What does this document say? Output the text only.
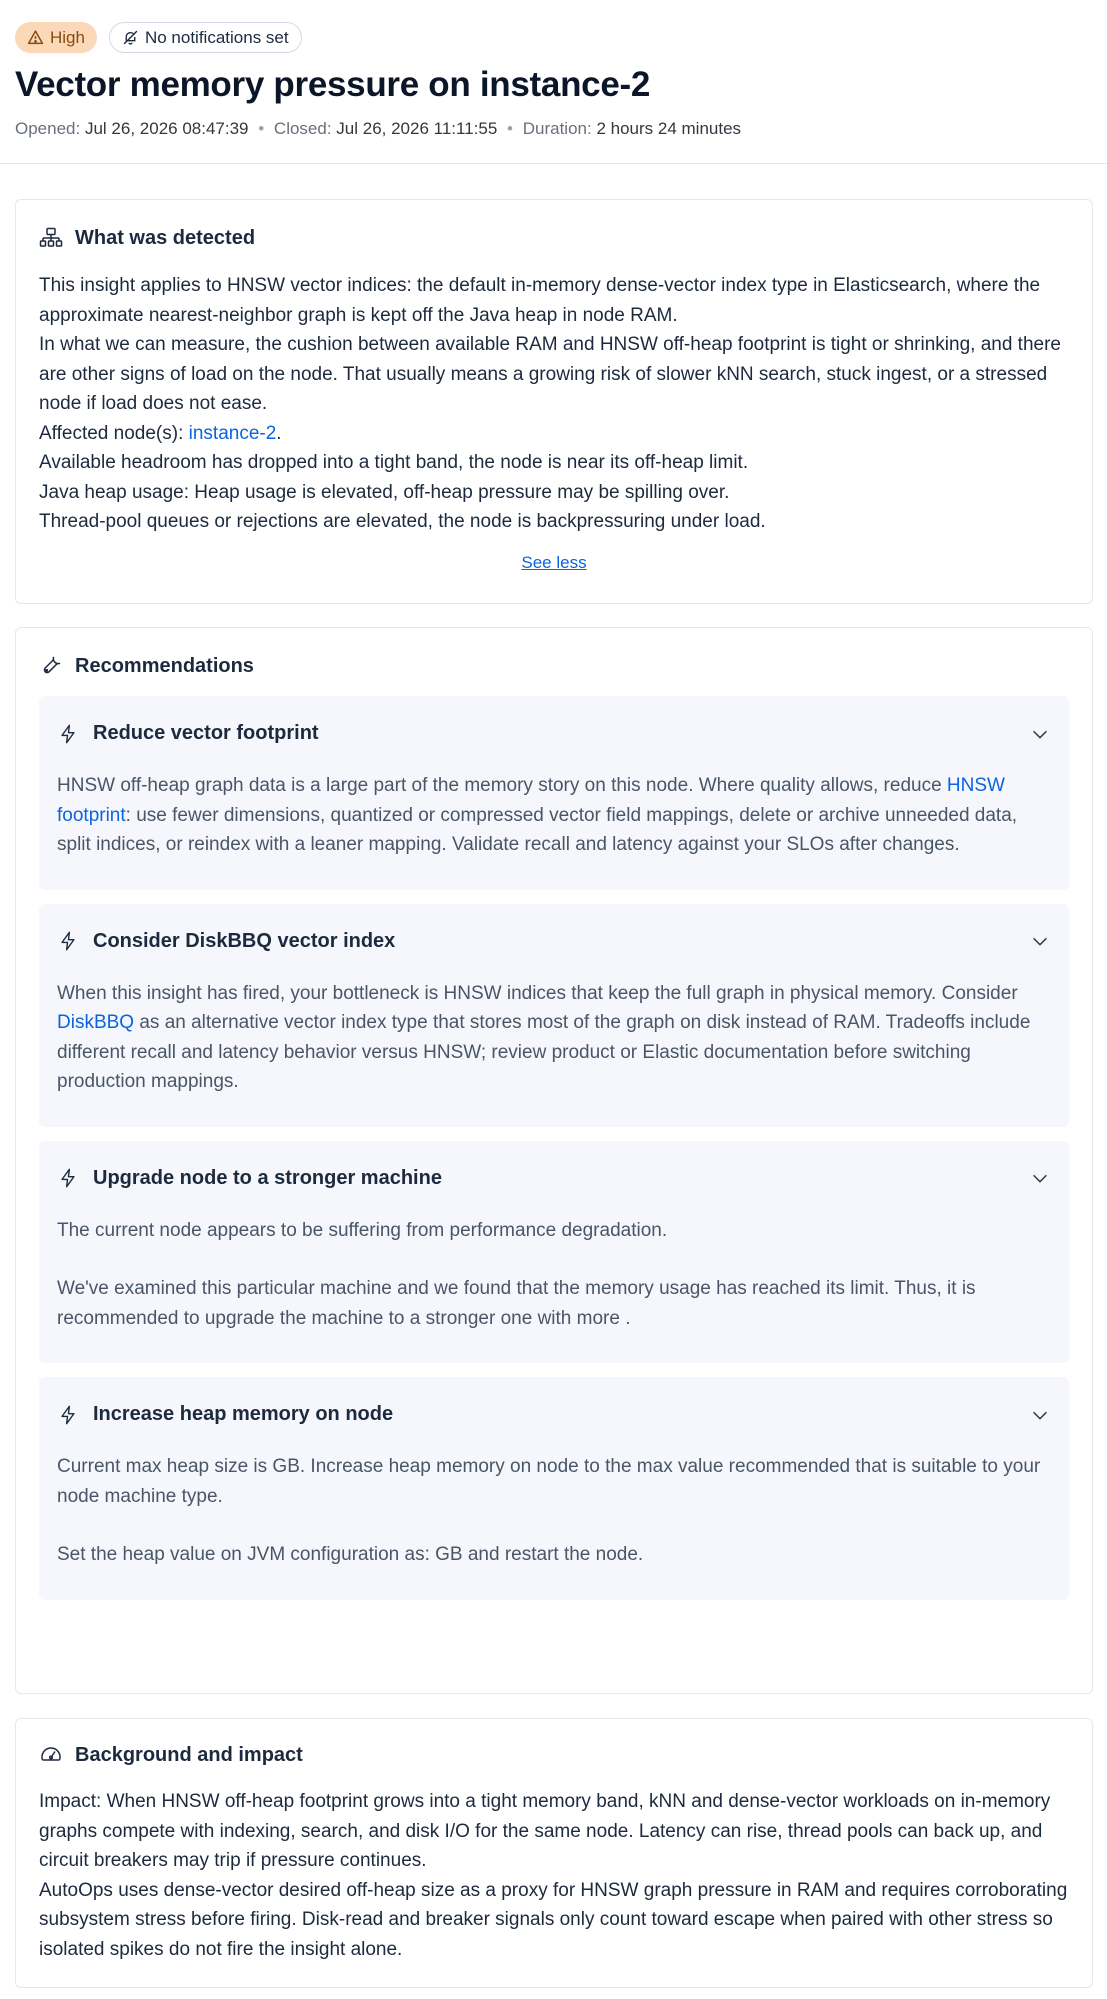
High	No notifications set
Vector memory pressure on instance-2
Opened: Jul 26, 2026 08:47:39 • Closed: Jul 26, 2026 11:11:55 • Duration: 2 hours 24 minutes
What was detected
This insight applies to HNSW vector indices: the default in-memory dense-vector index type in Elasticsearch, where the approximate nearest-neighbor graph is kept off the Java heap in node RAM.
In what we can measure, the cushion between available RAM and HNSW off-heap footprint is tight or shrinking, and there are other signs of load on the node. That usually means a growing risk of slower kNN search, stuck ingest, or a stressed node if load does not ease.
Affected node(s): instance-2.
Available headroom has dropped into a tight band, the node is near its off-heap limit.
Java heap usage: Heap usage is elevated, off-heap pressure may be spilling over.
Thread-pool queues or rejections are elevated, the node is backpressuring under load.
See less
Recommendations
Reduce vector footprint
HNSW off-heap graph data is a large part of the memory story on this node. Where quality allows, reduce HNSW footprint: use fewer dimensions, quantized or compressed vector field mappings, delete or archive unneeded data, split indices, or reindex with a leaner mapping. Validate recall and latency against your SLOs after changes.
Consider DiskBBQ vector index
When this insight has fired, your bottleneck is HNSW indices that keep the full graph in physical memory. Consider DiskBBQ as an alternative vector index type that stores most of the graph on disk instead of RAM. Tradeoffs include different recall and latency behavior versus HNSW; review product or Elastic documentation before switching production mappings.
Upgrade node to a stronger machine

The current node appears to be suffering from performance degradation.

We've examined this particular machine and we found that the memory usage has reached its limit. Thus, it is recommended to upgrade the machine to a stronger one with more .

Increase heap memory on node

Current max heap size is GB. Increase heap memory on node to the max value recommended that is suitable to your node machine type.

Set the heap value on JVM configuration as: GB and restart the node.

Background and impact
Impact: When HNSW off-heap footprint grows into a tight memory band, kNN and dense-vector workloads on in-memory graphs compete with indexing, search, and disk I/O for the same node. Latency can rise, thread pools can back up, and circuit breakers may trip if pressure continues.
AutoOps uses dense-vector desired off-heap size as a proxy for HNSW graph pressure in RAM and requires corroborating subsystem stress before firing. Disk-read and breaker signals only count toward escape when paired with other stress so isolated spikes do not fire the insight alone.
